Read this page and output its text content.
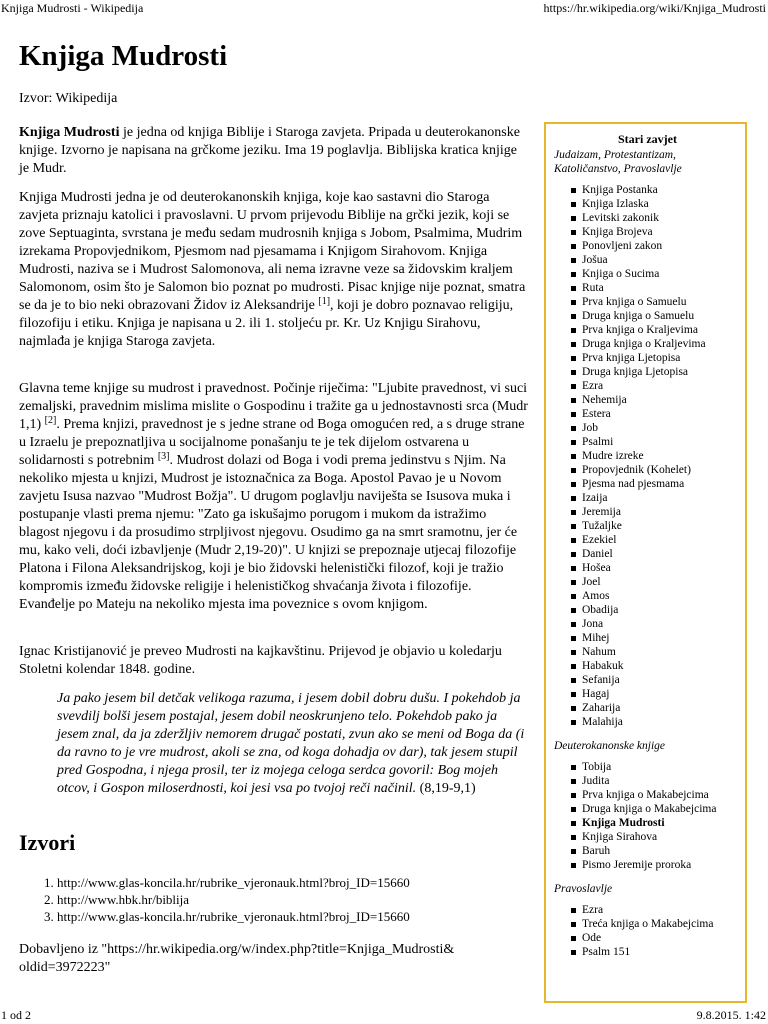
Knjiga Mudrosti - Wikipedija	https://hr.wikipedia.org/wiki/Knjiga_Mudrosti
Knjiga Mudrosti
Izvor: Wikipedija

Knjiga Mudrosti je jedna od knjiga Biblije i Staroga zavjeta. Pripada u deuterokanonske knjige. Izvorno je napisana na grčkome jeziku. Ima 19 poglavlja. Biblijska kratica knjige je Mudr.

Knjiga Mudrosti jedna je od deuterokanonskih knjiga, koje kao sastavni dio Staroga zavjeta priznaju katolici i pravoslavni. U prvom prijevodu Biblije na grčki jezik, koji se zove Septuaginta, svrstana je među sedam mudrosnih knjiga s Jobom, Psalmima, Mudrim izrekama Propovjednikom, Pjesmom nad pjesamama i Knjigom Sirahovom. Knjiga Mudrosti, naziva se i Mudrost Salomonova, ali nema izravne veze sa židovskim kraljem Salomonom, osim što je Salomon bio poznat po mudrosti. Pisac knjige nije poznat, smatra se da je to bio neki obrazovani Židov iz Aleksandrije [1], koji je dobro poznavao religiju, filozofiju i etiku. Knjiga je napisana u 2. ili 1. stoljeću pr. Kr. Uz Knjigu Sirahovu, najmlađa je knjiga Staroga zavjeta.

Glavna teme knjige su mudrost i pravednost. Počinje riječima: "Ljubite pravednost, vi suci zemaljski, pravednim mislima mislite o Gospodinu i tražite ga u jednostavnosti srca (Mudr 1,1) [2]. Prema knjizi, pravednost je s jedne strane od Boga omogućen red, a s druge strane u Izraelu je prepoznatljiva u socijalnome ponašanju te je tek dijelom ostvarena u solidarnosti s potrebnim [3]. Mudrost dolazi od Boga i vodi prema jedinstvu s Njim. Na nekoliko mjesta u knjizi, Mudrost je istoznačnica za Boga. Apostol Pavao je u Novom zavjetu Isusa nazvao "Mudrost Božja". U drugom poglavlju naviješta se Isusova muka i postupanje vlasti prema njemu: "Zato ga iskušajmo porugom i mukom da istražimo blagost njegovu i da prosudimo strpljivost njegovu. Osudimo ga na smrt sramotnu, jer će mu, kako veli, doći izbavljenje (Mudr 2,19-20)". U knjizi se prepoznaje utjecaj filozofije Platona i Filona Aleksandrijskog, koji je bio židovski helenistički filozof, koji je tražio kompromis između židovske religije i helenističkog shvaćanja života i filozofije. Evanđelje po Mateju na nekoliko mjesta ima poveznice s ovom knjigom.

Ignac Kristijanović je preveo Mudrosti na kajkavštinu. Prijevod je objavio u koledarju Stoletni kolendar 1848. godine.

Ja pako jesem bil detčak velikoga razuma, i jesem dobil dobru dušu. I pokehdob ja svevdilj bolši jesem postajal, jesem dobil neoskrunjeno telo. Pokehdob pako ja jesem znal, da ja zderžljiv nemorem drugač postati, zvun ako se meni od Boga da (i da ravno to je vre mudrost, akoli se zna, od koga dohadja ov dar), tak jesem stupil pred Gospodna, i njega prosil, ter iz mojega celoga serdca govoril: Bog mojeh otcov, i Gospon miloserdnosti, koi jesi vsa po tvojoj reči načinil. (8,19-9,1)
Izvori
1. http://www.glas-koncila.hr/rubrike_vjeronauk.html?broj_ID=15660
2. http://www.hbk.hr/biblija
3. http://www.glas-koncila.hr/rubrike_vjeronauk.html?broj_ID=15660
Dobavljeno iz "https://hr.wikipedia.org/w/index.php?title=Knjiga_Mudrosti& oldid=3972223"
Stari zavjet
Judaizam, Protestantizam, Katoličanstvo, Pravoslavlje
Knjiga Postanka
Knjiga Izlaska
Levitski zakonik
Knjiga Brojeva
Ponovljeni zakon
Jošua
Knjiga o Sucima
Ruta
Prva knjiga o Samuelu
Druga knjiga o Samuelu
Prva knjiga o Kraljevima
Druga knjiga o Kraljevima
Prva knjiga Ljetopisa
Druga knjiga Ljetopisa
Ezra
Nehemija
Estera
Job
Psalmi
Mudre izreke
Propovjednik (Kohelet)
Pjesma nad pjesmama
Izaija
Jeremija
Tužaljke
Ezekiel
Daniel
Hošea
Joel
Amos
Obadija
Jona
Mihej
Nahum
Habakuk
Sefanija
Hagaj
Zaharija
Malahija
Deuterokanonske knjige
Tobija
Judita
Prva knjiga o Makabejcima
Druga knjiga o Makabejcima
Knjiga Mudrosti
Knjiga Sirahova
Baruh
Pismo Jeremije proroka
Pravoslavlje
Ezra
Treća knjiga o Makabejcima
Ode
Psalm 151
1 od 2	9.8.2015. 1:42
